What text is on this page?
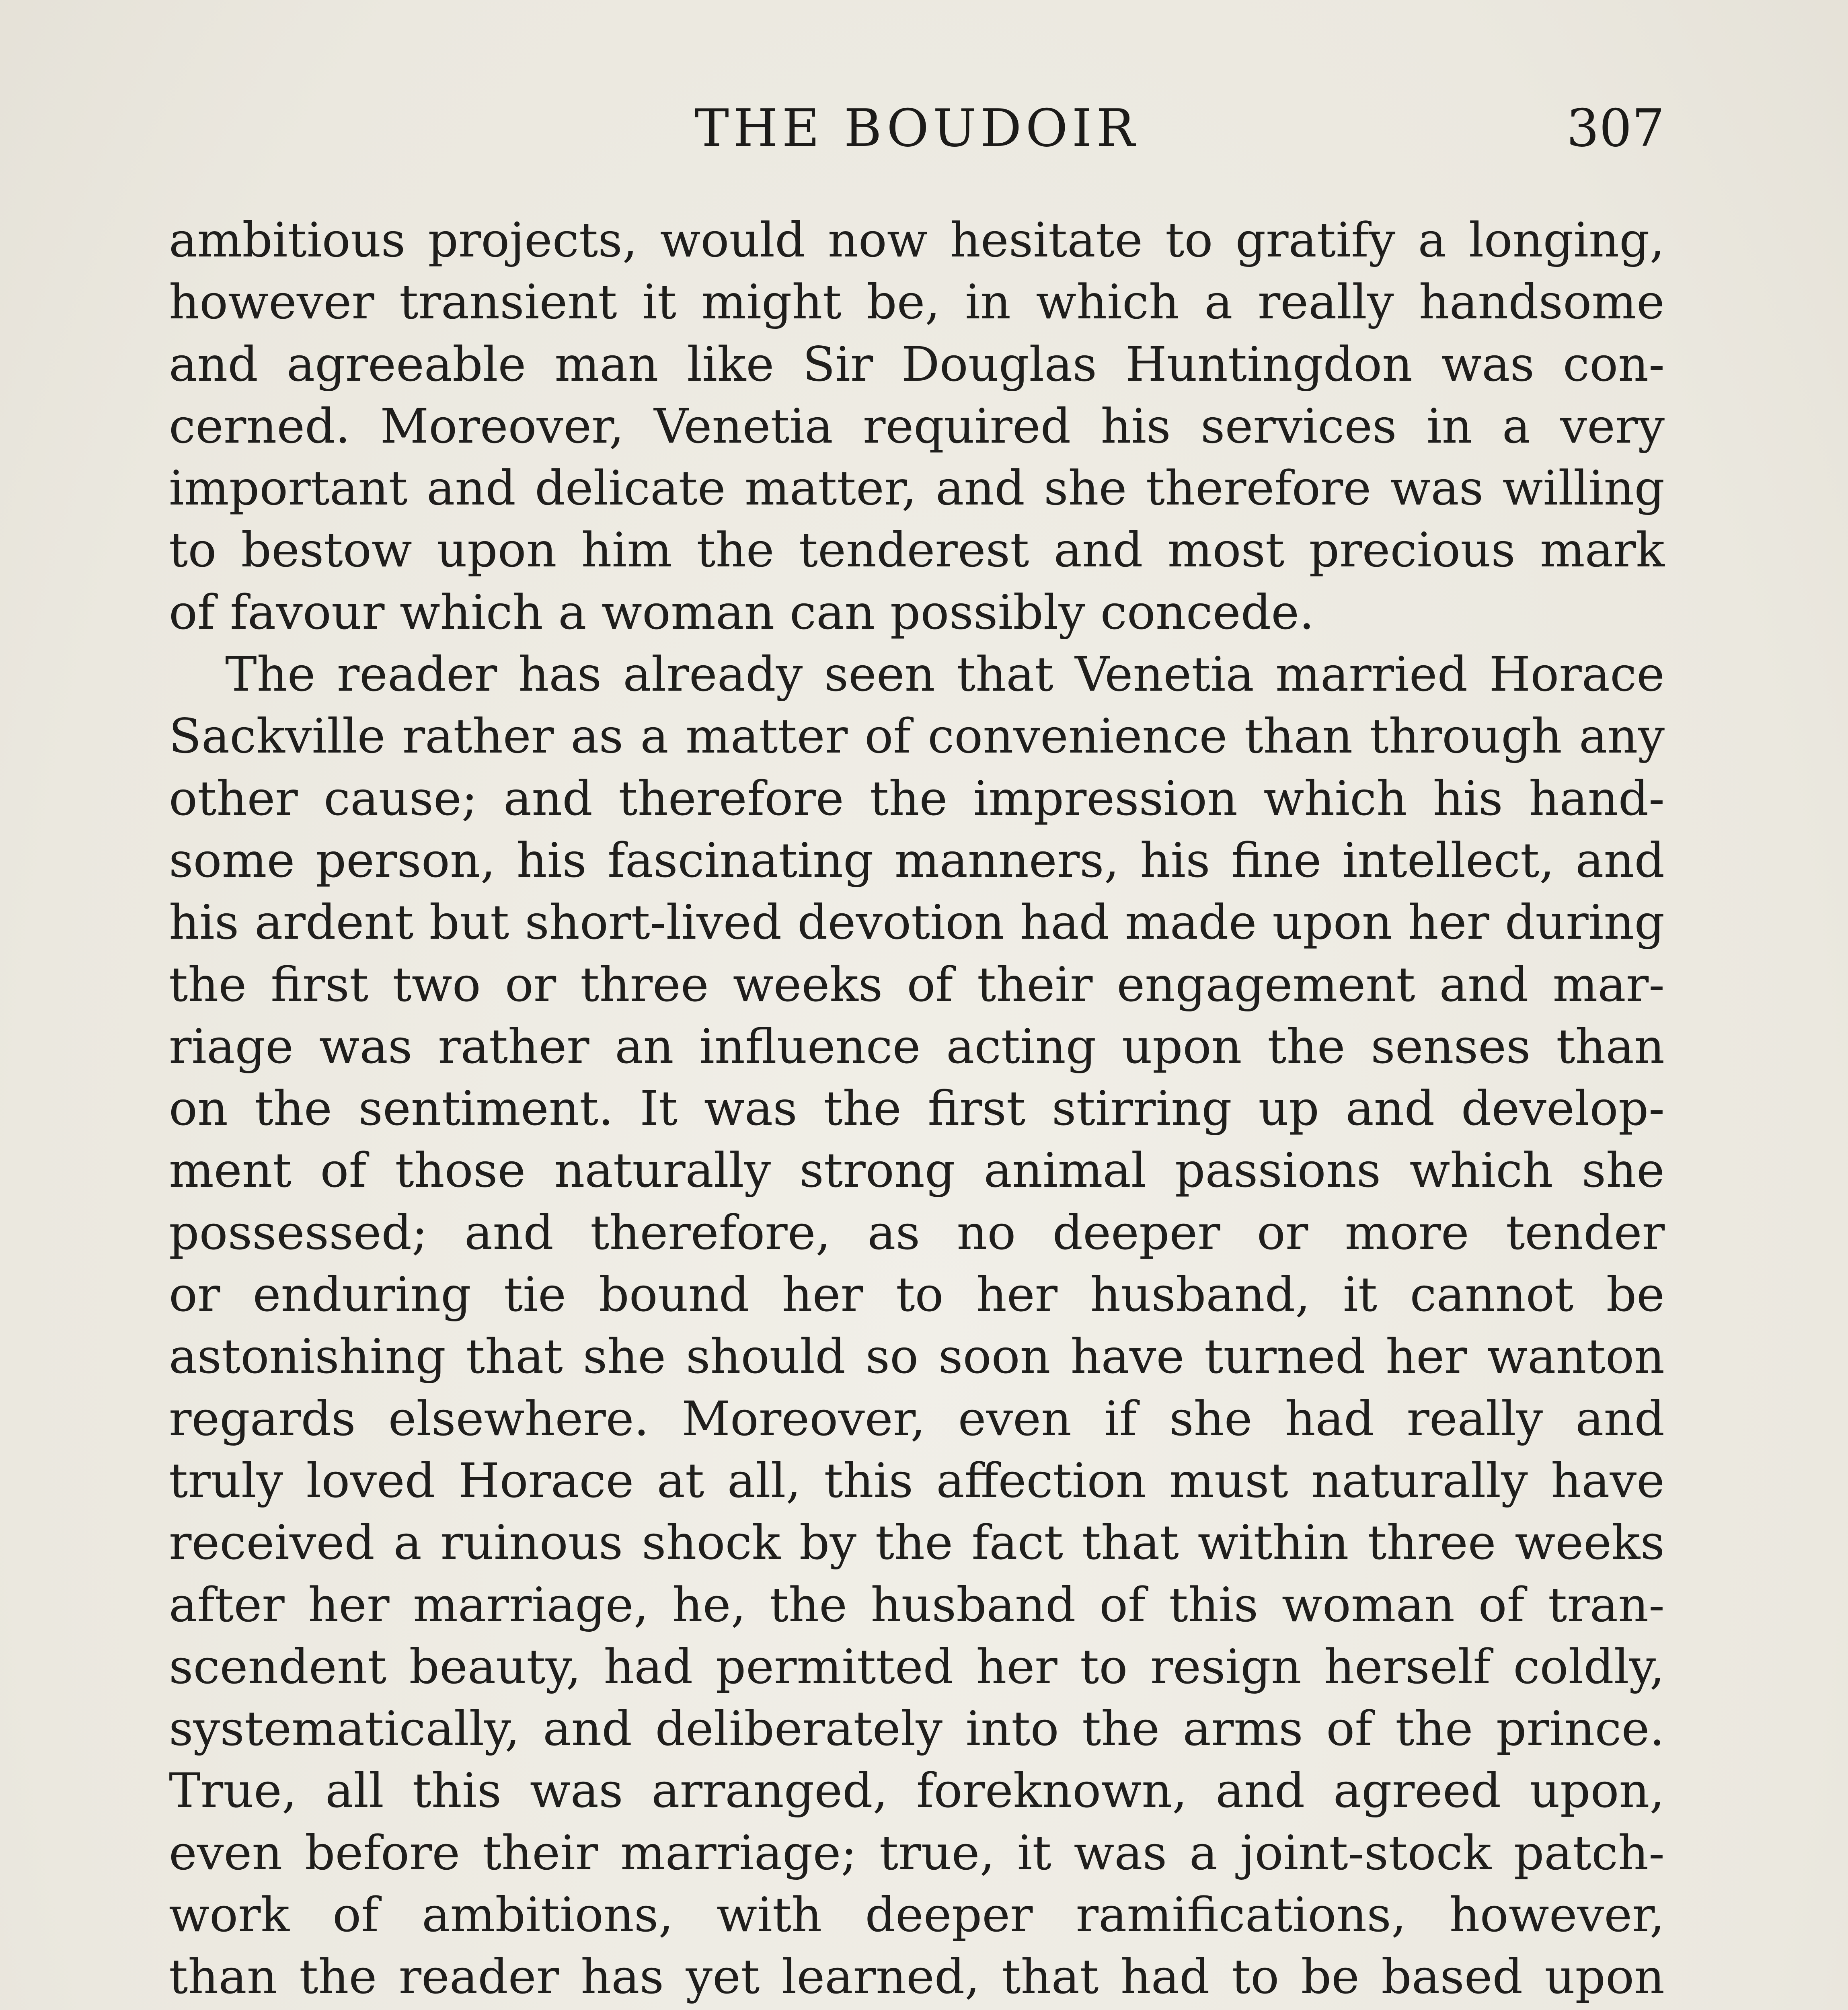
THE BOUDOIR	307
ambitious projects, would now hesitate to gratify a longing,
however transient it might be, in which a really handsome
and agreeable man like Sir Douglas Huntingdon was con-
cerned. Moreover, Venetia required his services in a very
important and delicate matter, and she therefore was willing
to bestow upon him the tenderest and most precious mark
of favour which a woman can possibly concede.
The reader has already seen that Venetia married Horace
Sackville rather as a matter of convenience than through any
other cause; and therefore the impression which his hand-
some person, his fascinating manners, his fine intellect, and
his ardent but short-lived devotion had made upon her during
the first two or three weeks of their engagement and mar-
riage was rather an influence acting upon the senses than
on the sentiment. It was the first stirring up and develop-
ment of those naturally strong animal passions which she
possessed; and therefore, as no deeper or more tender
or enduring tie bound her to her husband, it cannot be
astonishing that she should so soon have turned her wanton
regards elsewhere. Moreover, even if she had really and
truly loved Horace at all, this affection must naturally have
received a ruinous shock by the fact that within three weeks
after her marriage, he, the husband of this woman of tran-
scendent beauty, had permitted her to resign herself coldly,
systematically, and deliberately into the arms of the prince.
True, all this was arranged, foreknown, and agreed upon,
even before their marriage; true, it was a joint-stock patch-
work of ambitions, with deeper ramifications, however,
than the reader has yet learned, that had to be based upon
